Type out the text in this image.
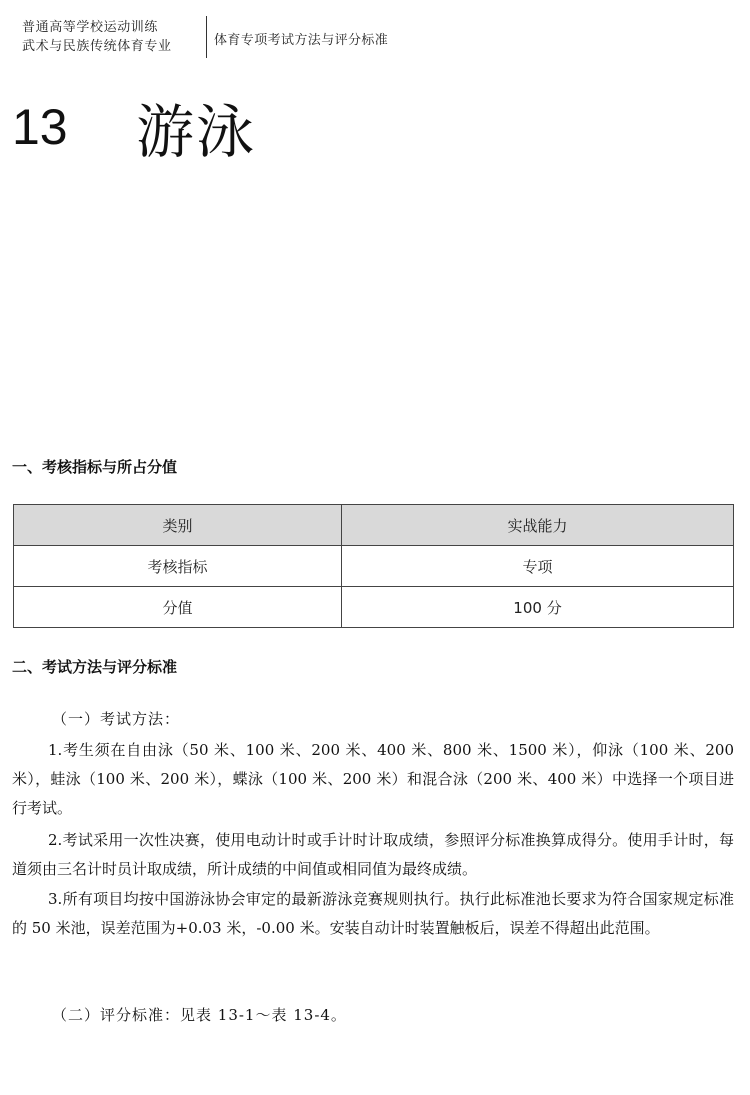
普通高等学校运动训练
武术与民族传统体育专业	体育专项考试方法与评分标准
13	游泳
一、考核指标与所占分值
类别	实战能力
考核指标	专项
分值	100 分
二、考试方法与评分标准
（一）考试方法：
1.考生须在自由泳（50 米、100 米、200 米、400 米、800 米、1500 米），仰泳（100 米、200 米），蛙泳（100 米、200 米），蝶泳（100 米、200 米）和混合泳（200 米、400 米）中选择一个项目进行考试。
2.考试采用一次性决赛，使用电动计时或手计时计取成绩，参照评分标准换算成得分。使用手计时，每道须由三名计时员计取成绩，所计成绩的中间值或相同值为最终成绩。
3.所有项目均按中国游泳协会审定的最新游泳竞赛规则执行。执行此标准池长要求为符合国家规定标准的 50 米池，误差范围为+0.03 米，-0.00 米。安装自动计时装置触板后，误差不得超出此范围。
（二）评分标准：见表 13-1～表 13-4。
